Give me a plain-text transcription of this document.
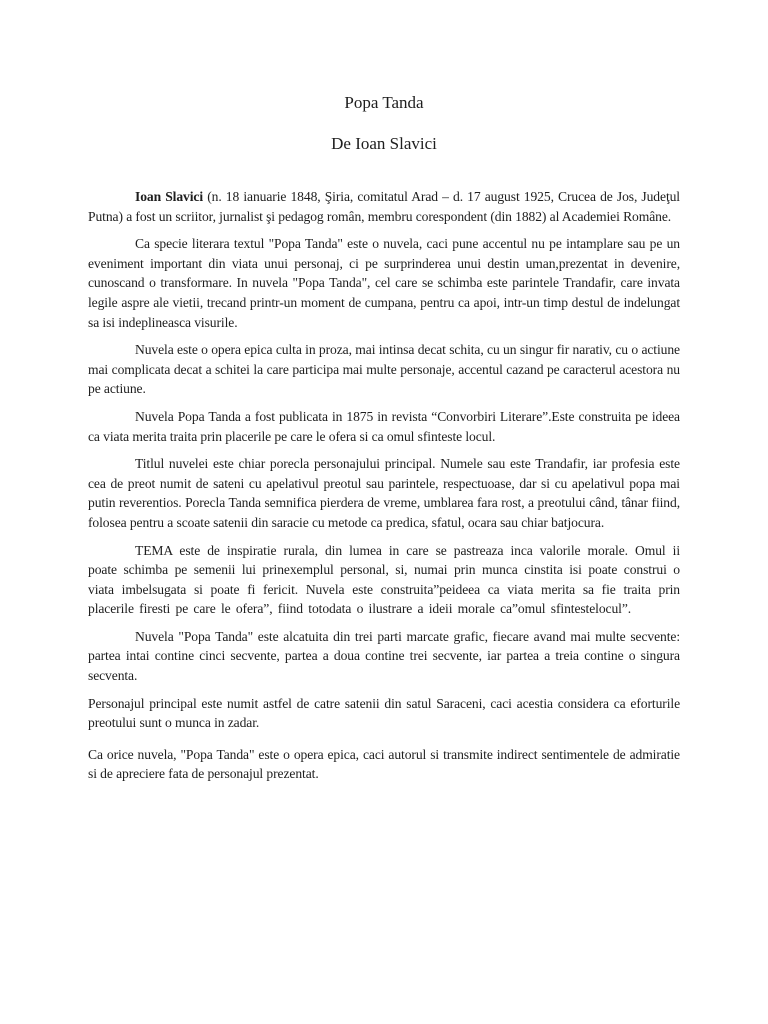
Popa Tanda
De Ioan Slavici

Ioan Slavici (n. 18 ianuarie 1848, Şiria, comitatul Arad – d. 17 august 1925, Crucea de Jos, Judeţul Putna) a fost un scriitor, jurnalist şi pedagog român, membru corespondent (din 1882) al Academiei Române.

Ca specie literara textul "Popa Tanda" este o nuvela, caci pune accentul nu pe intamplare sau pe un eveniment important din viata unui personaj, ci pe surprinderea unui destin uman,prezentat in devenire, cunoscand o transformare. In nuvela "Popa Tanda", cel care se schimba este parintele Trandafir, care invata legile aspre ale vietii, trecand printr-un moment de cumpana, pentru ca apoi, intr-un timp destul de indelungat sa isi indeplineasca visurile.

Nuvela este o opera epica culta in proza, mai intinsa decat schita, cu un singur fir narativ, cu o actiune mai complicata decat a schitei la care participa mai multe personaje, accentul cazand pe caracterul acestora nu pe actiune.

Nuvela Popa Tanda a fost publicata in 1875 in revista “Convorbiri Literare”.Este construita pe ideea ca viata merita traita prin placerile pe care le ofera si ca omul sfinteste locul.

Titlul nuvelei este chiar porecla personajului principal. Numele sau este Trandafir, iar profesia este cea de preot numit de sateni cu apelativul preotul sau parintele, respectuoase, dar si cu apelativul popa mai putin reverentios. Porecla Tanda semnifica pierdera de vreme, umblarea fara rost, a preotului când, tânar fiind, folosea pentru a scoate satenii din saracie cu metode ca predica, sfatul, ocara sau chiar batjocura.

TEMA este de inspiratie rurala, din lumea in care se pastreaza inca valorile morale. Omul ii poate schimba pe semenii lui prinexemplul personal, si, numai prin munca cinstita isi poate construi o viata imbelsugata si poate fi fericit. Nuvela este construita”peideea ca viata merita sa fie traita prin placerile firesti pe care le ofera”, fiind totodata o ilustrare a ideii morale ca”omul sfintestelocul”.

Nuvela "Popa Tanda" este alcatuita din trei parti marcate grafic, fiecare avand mai multe secvente: partea intai contine cinci secvente, partea a doua contine trei secvente, iar partea a treia contine o singura secventa.

Personajul principal este numit astfel de catre satenii din satul Saraceni, caci acestia considera ca eforturile preotului sunt o munca in zadar.

Ca orice nuvela, "Popa Tanda" este o opera epica, caci autorul si transmite indirect sentimentele de admiratie si de apreciere fata de personajul prezentat.
